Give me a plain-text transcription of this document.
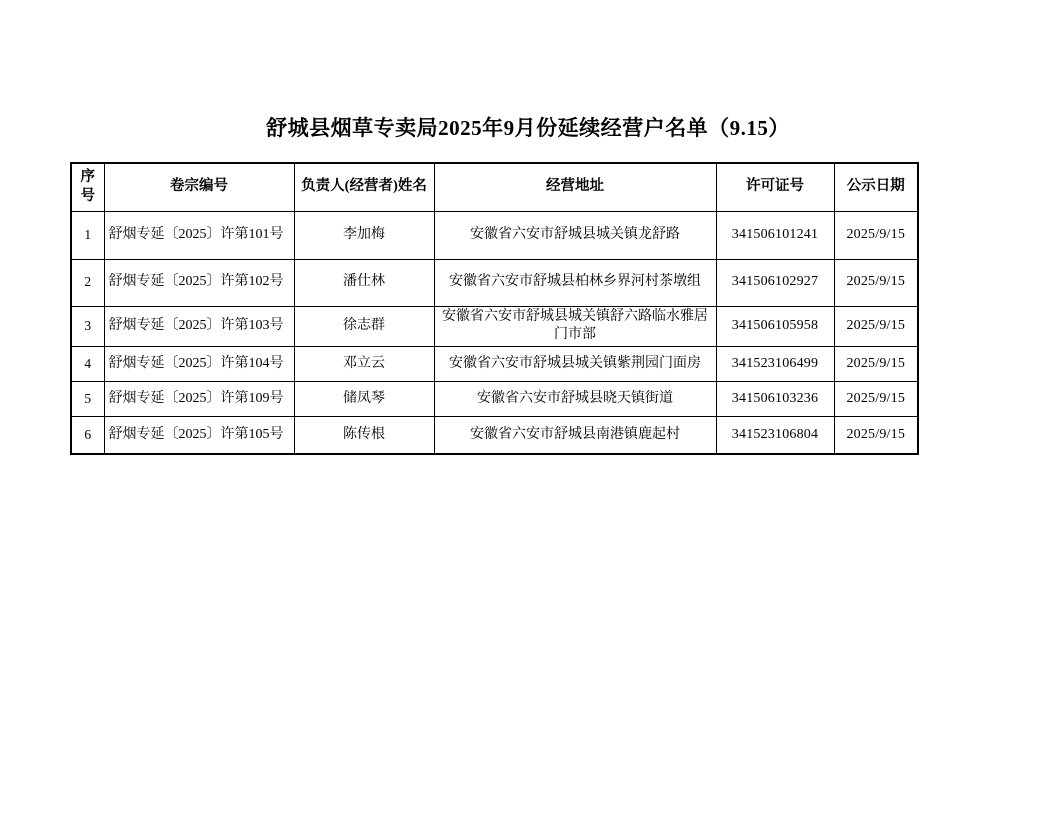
舒城县烟草专卖局2025年9月份延续经营户名单（9.15）
序号	卷宗编号	负责人(经营者)姓名	经营地址	许可证号	公示日期
1	舒烟专延〔2025〕许第101号	李加梅	安徽省六安市舒城县城关镇龙舒路	341506101241	2025/9/15
2	舒烟专延〔2025〕许第102号	潘仕林	安徽省六安市舒城县柏林乡界河村茶墩组	341506102927	2025/9/15
3	舒烟专延〔2025〕许第103号	徐志群	安徽省六安市舒城县城关镇舒六路临水雅居门市部	341506105958	2025/9/15
4	舒烟专延〔2025〕许第104号	邓立云	安徽省六安市舒城县城关镇紫荆园门面房	341523106499	2025/9/15
5	舒烟专延〔2025〕许第109号	储凤琴	安徽省六安市舒城县晓天镇街道	341506103236	2025/9/15
6	舒烟专延〔2025〕许第105号	陈传根	安徽省六安市舒城县南港镇鹿起村	341523106804	2025/9/15
